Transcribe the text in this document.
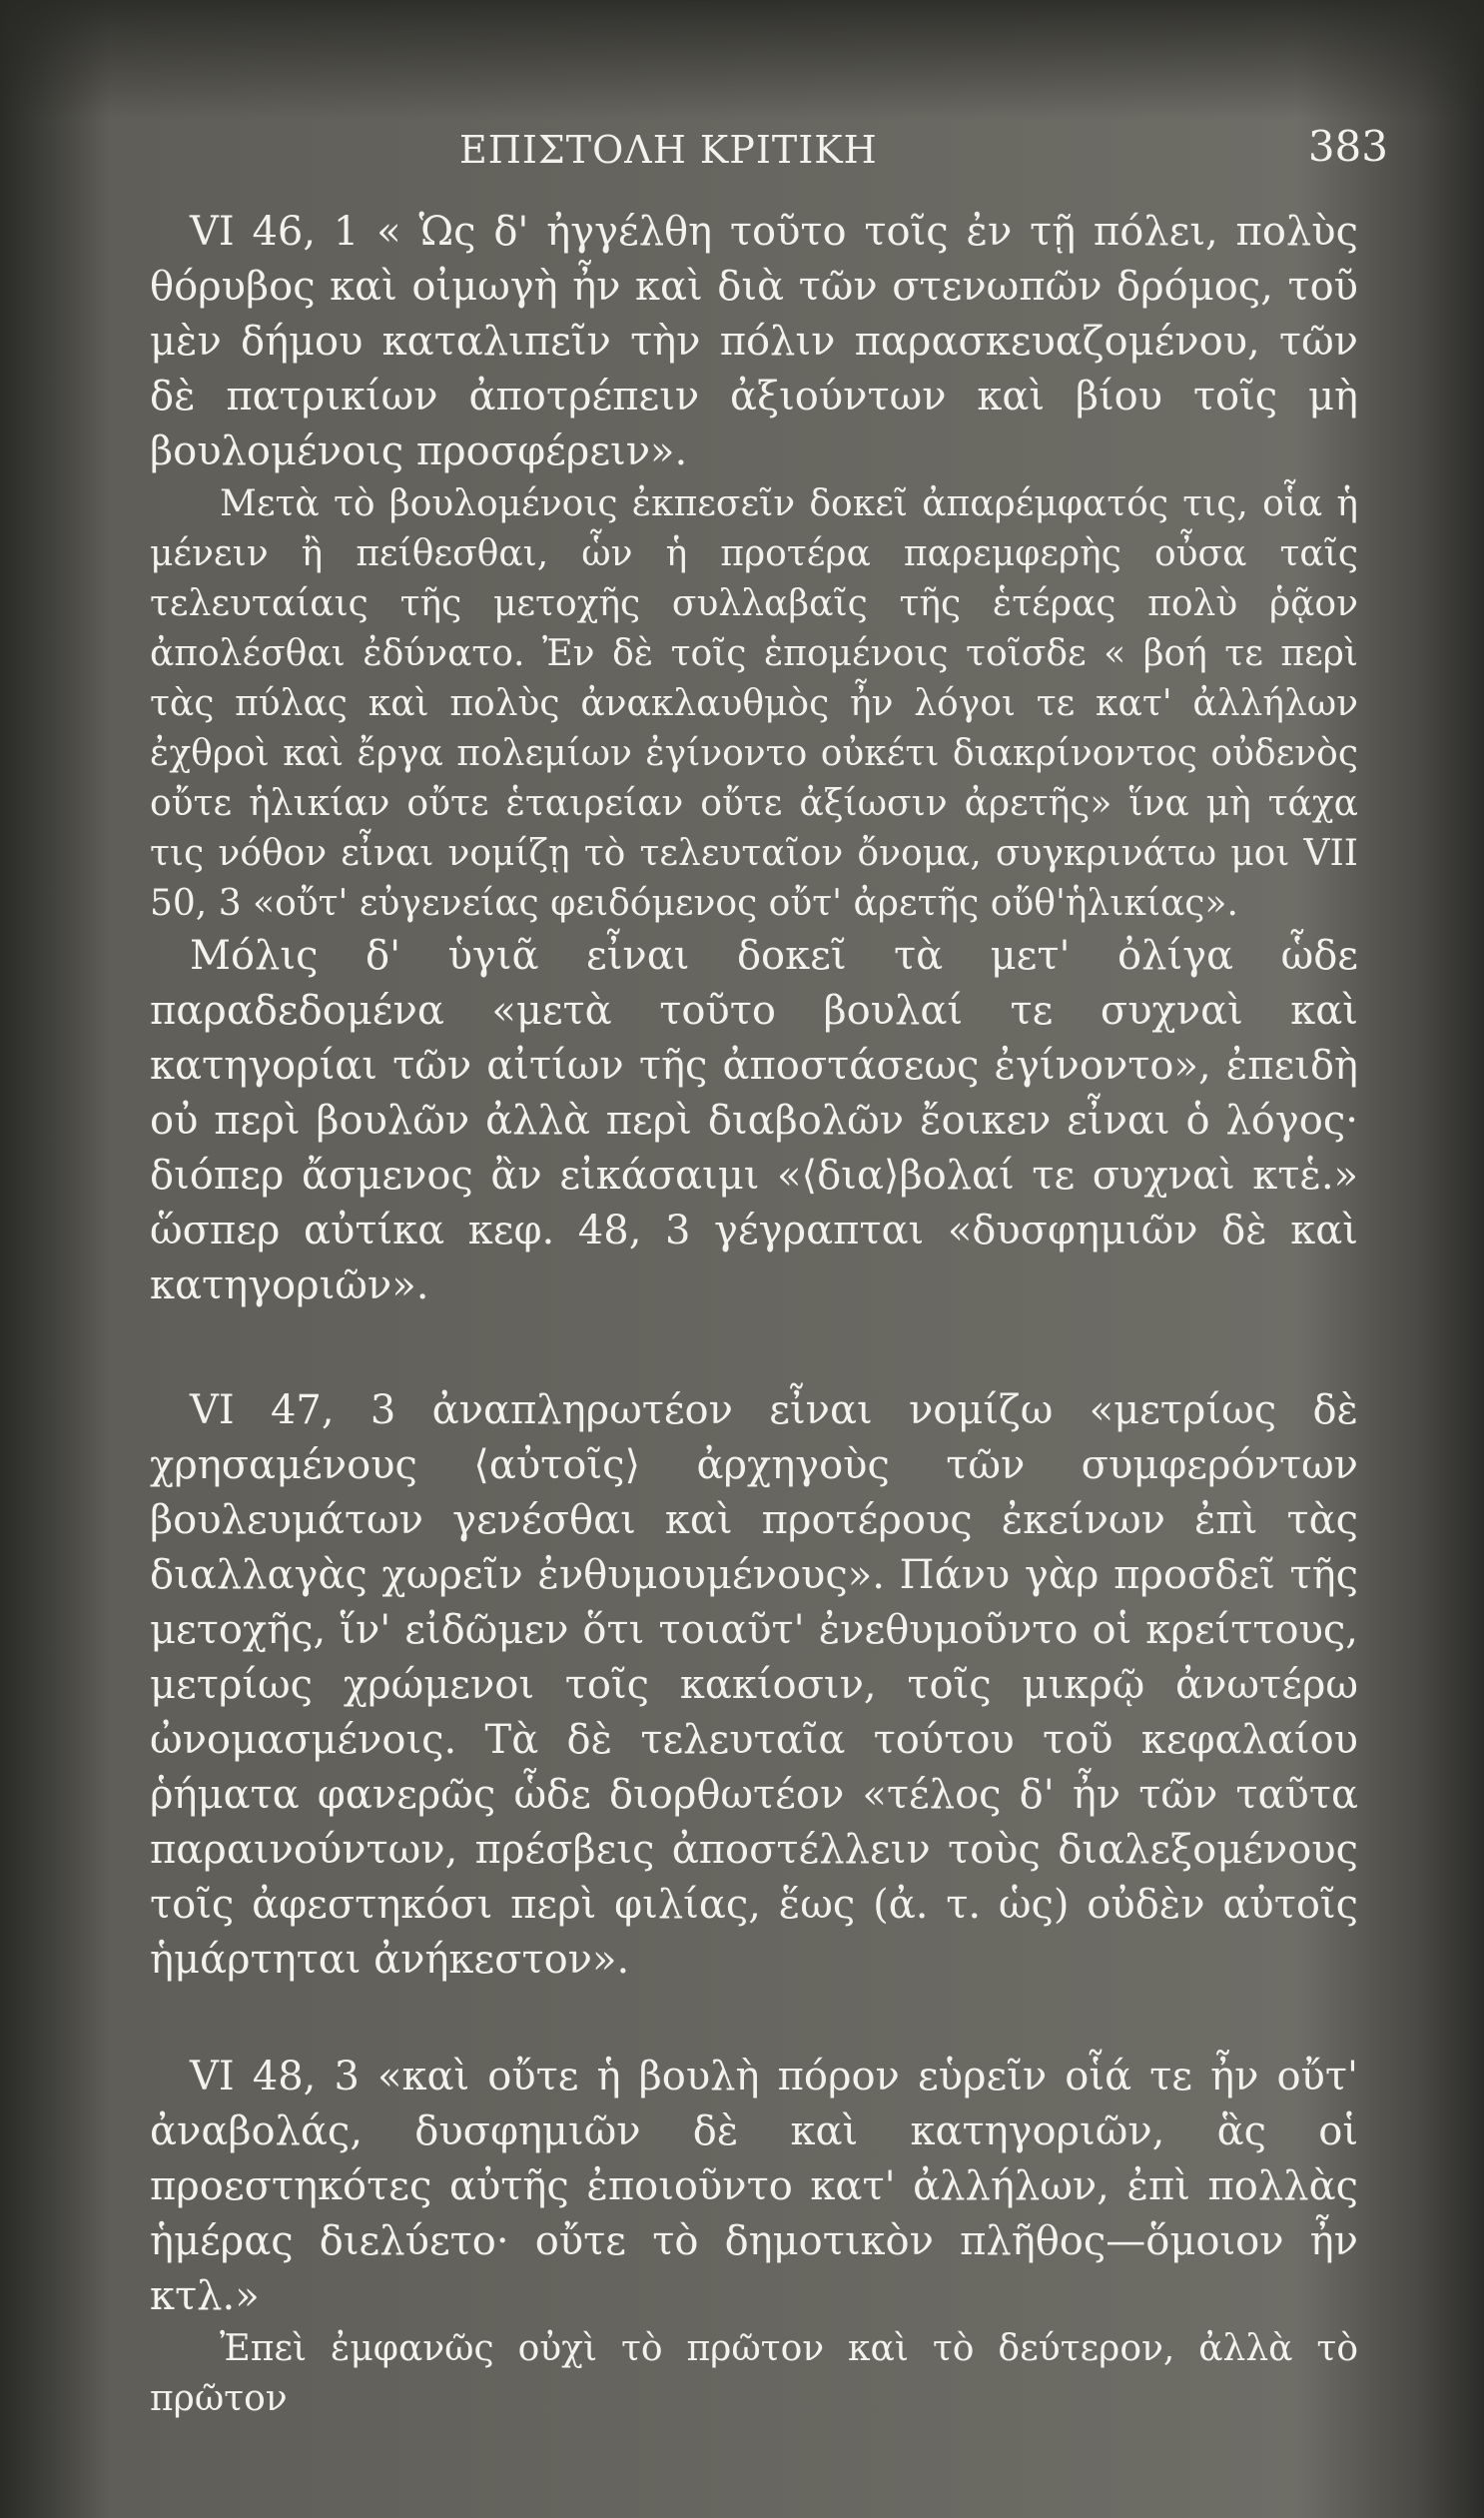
ΕΠΙΣΤΟΛΗ ΚΡΙΤΙΚΗ	383

VI 46, 1 « Ὡς δ' ἠγγέλθη τοῦτο τοῖς ἐν τῇ πόλει, πολὺς θόρυβος καὶ οἰμωγὴ ἦν καὶ διὰ τῶν στενωπῶν δρόμος, τοῦ μὲν δήμου καταλιπεῖν τὴν πόλιν παρασκευαζομένου, τῶν δὲ πατρικίων ἀποτρέπειν ἀξιούντων καὶ βίου τοῖς μὴ βουλομένοις προσφέρειν».

Μετὰ τὸ βουλομένοις ἐκπεσεῖν δοκεῖ ἀπαρέμφατός τις, οἷα ἡ μένειν ἢ πείθεσθαι, ὧν ἡ προτέρα παρεμφερὴς οὖσα ταῖς τελευταίαις τῆς μετοχῆς συλλαβαῖς τῆς ἑτέρας πολὺ ῥᾷον ἀπολέσθαι ἐδύνατο. Ἐν δὲ τοῖς ἑπομένοις τοῖσδε « βοή τε περὶ τὰς πύλας καὶ πολὺς ἀνακλαυθμὸς ἦν λόγοι τε κατ' ἀλλήλων ἐχθροὶ καὶ ἔργα πολεμίων ἐγίνοντο οὐκέτι διακρίνοντος οὐδενὸς οὔτε ἡλικίαν οὔτε ἑταιρείαν οὔτε ἀξίωσιν ἀρετῆς» ἵνα μὴ τάχα τις νόθον εἶναι νομίζῃ τὸ τελευταῖον ὄνομα, συγκρινάτω μοι VII 50, 3 «οὔτ' εὐγενείας φειδόμενος οὔτ' ἀρετῆς οὔθ'ἡλικίας».

Μόλις δ' ὑγιᾶ εἶναι δοκεῖ τὰ μετ' ὀλίγα ὧδε παραδεδομένα «μετὰ τοῦτο βουλαί τε συχναὶ καὶ κατηγορίαι τῶν αἰτίων τῆς ἀποστάσεως ἐγίνοντο», ἐπειδὴ οὐ περὶ βουλῶν ἀλλὰ περὶ διαβολῶν ἔοικεν εἶναι ὁ λόγος· διόπερ ἄσμενος ἂν εἰκάσαιμι «⟨δια⟩βολαί τε συχναὶ κτἑ.» ὥσπερ αὐτίκα κεφ. 48, 3 γέγραπται «δυσφημιῶν δὲ καὶ κατηγοριῶν».

VI 47, 3 ἀναπληρωτέον εἶναι νομίζω «μετρίως δὲ χρησαμένους ⟨αὐτοῖς⟩ ἀρχηγοὺς τῶν συμφερόντων βουλευμάτων γενέσθαι καὶ προτέρους ἐκείνων ἐπὶ τὰς διαλλαγὰς χωρεῖν ἐνθυμουμένους». Πάνυ γὰρ προσδεῖ τῆς μετοχῆς, ἵν' εἰδῶμεν ὅτι τοιαῦτ' ἐνεθυμοῦντο οἱ κρείττους, μετρίως χρώμενοι τοῖς κακίοσιν, τοῖς μικρῷ ἀνωτέρω ὠνομασμένοις. Τὰ δὲ τελευταῖα τούτου τοῦ κεφαλαίου ῥήματα φανερῶς ὧδε διορθωτέον «τέλος δ' ἦν τῶν ταῦτα παραινούντων, πρέσβεις ἀποστέλλειν τοὺς διαλεξομένους τοῖς ἀφεστηκόσι περὶ φιλίας, ἕως (ἀ. τ. ὡς) οὐδὲν αὐτοῖς ἡμάρτηται ἀνήκεστον».

VI 48, 3 «καὶ οὔτε ἡ βουλὴ πόρον εὑρεῖν οἷά τε ἦν οὔτ' ἀναβολάς, δυσφημιῶν δὲ καὶ κατηγοριῶν, ἃς οἱ προεστηκότες αὐτῆς ἐποιοῦντο κατ' ἀλλήλων, ἐπὶ πολλὰς ἡμέρας διελύετο· οὔτε τὸ δημοτικὸν πλῆθος—ὅμοιον ἦν κτλ.»

Ἐπεὶ ἐμφανῶς οὐχὶ τὸ πρῶτον καὶ τὸ δεύτερον, ἀλλὰ τὸ πρῶτον
